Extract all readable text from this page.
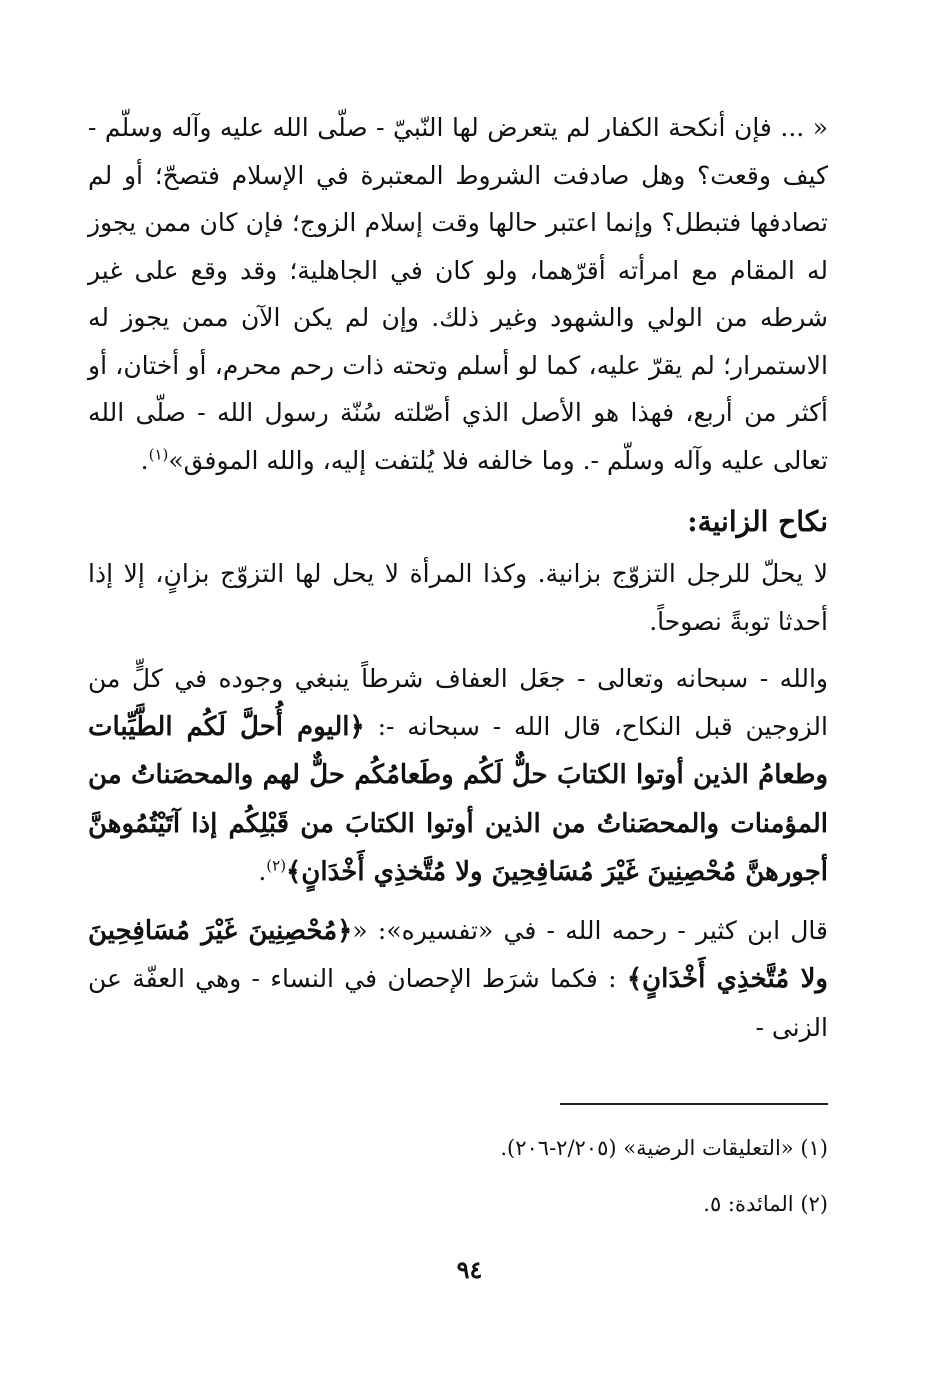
« ... فإن أنكحة الكفار لم يتعرض لها النّبيّ - صلّى الله عليه وآله وسلّم - كيف وقعت؟ وهل صادفت الشروط المعتبرة في الإسلام فتصحّ؛ أو لم تصادفها فتبطل؟ وإنما اعتبر حالها وقت إسلام الزوج؛ فإن كان ممن يجوز له المقام مع امرأته أقرّهما، ولو كان في الجاهلية؛ وقد وقع على غير شرطه من الولي والشهود وغير ذلك. وإن لم يكن الآن ممن يجوز له الاستمرار؛ لم يقرّ عليه، كما لو أسلم وتحته ذات رحم محرم، أو أختان، أو أكثر من أربع، فهذا هو الأصل الذي أصّلته سُنّة رسول الله - صلّى الله تعالى عليه وآله وسلّم -. وما خالفه فلا يُلتفت إليه، والله الموفق»$^{(١)}$.

نكاح الزانية:

لا يحلّ للرجل التزوّج بزانية. وكذا المرأة لا يحل لها التزوّج بزانٍ، إلا إذا أحدثا توبةً نصوحاً.

والله - سبحانه وتعالى - جعَل العفاف شرطاً ينبغي وجوده في كلٍّ من الزوجين قبل النكاح، قال الله - سبحانه -: ﴿اليوم أُحلَّ لَكُم الطَّيِّبات وطعامُ الذين أوتوا الكتابَ حلٌّ لَكُم وطَعامُكُم حلٌّ لهم والمحصَناتُ من المؤمنات والمحصَناتُ من الذين أوتوا الكتابَ من قَبْلِكُم إذا آتَيْتُمُوهنَّ أجورهنَّ مُحْصِنِينَ غَيْرَ مُسَافِحِينَ ولا مُتَّخذِي أَخْدَانٍ﴾$^{(٢)}$.

قال ابن كثير - رحمه الله - في «تفسيره»: «﴿مُحْصِنِينَ غَيْرَ مُسَافِحِينَ ولا مُتَّخذِي أَخْدَانٍ﴾ : فكما شرَط الإحصان في النساء - وهي العفّة عن الزنى -

(١) «التعليقات الرضية» (٢/٢٠٥-٢٠٦).

(٢) المائدة: ٥.

٩٤
